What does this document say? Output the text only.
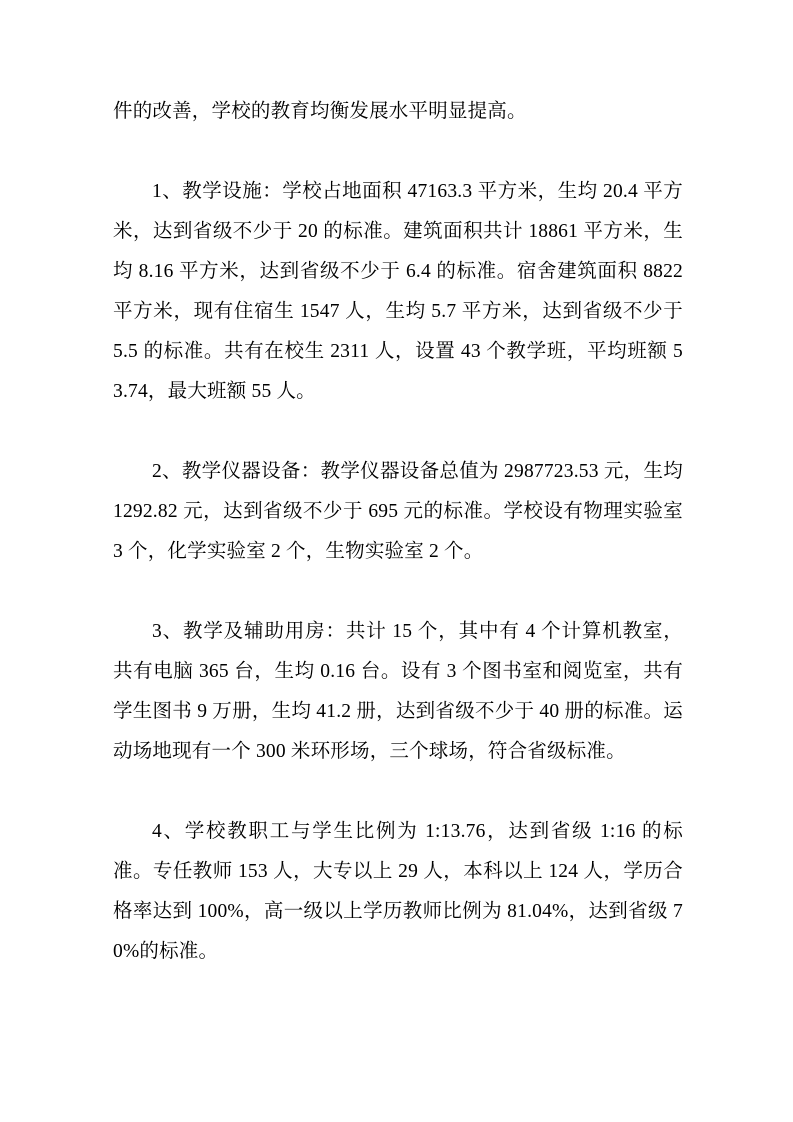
件的改善，学校的教育均衡发展水平明显提高。

1、教学设施：学校占地面积 47163.3 平方米，生均 20.4 平方米，达到省级不少于 20 的标准。建筑面积共计 18861 平方米，生均 8.16 平方米，达到省级不少于 6.4 的标准。宿舍建筑面积 8822 平方米，现有住宿生 1547 人，生均 5.7 平方米，达到省级不少于 5.5 的标准。共有在校生 2311 人，设置 43 个教学班，平均班额 53.74，最大班额 55 人。

2、教学仪器设备：教学仪器设备总值为 2987723.53 元，生均 1292.82 元，达到省级不少于 695 元的标准。学校设有物理实验室 3 个，化学实验室 2 个，生物实验室 2 个。

3、教学及辅助用房：共计 15 个，其中有 4 个计算机教室，共有电脑 365 台，生均 0.16 台。设有 3 个图书室和阅览室，共有学生图书 9 万册，生均 41.2 册，达到省级不少于 40 册的标准。运动场地现有一个 300 米环形场，三个球场，符合省级标准。

4、学校教职工与学生比例为 1:13.76，达到省级 1:16 的标准。专任教师 153 人，大专以上 29 人，本科以上 124 人，学历合格率达到 100%，高一级以上学历教师比例为 81.04%，达到省级 70%的标准。
